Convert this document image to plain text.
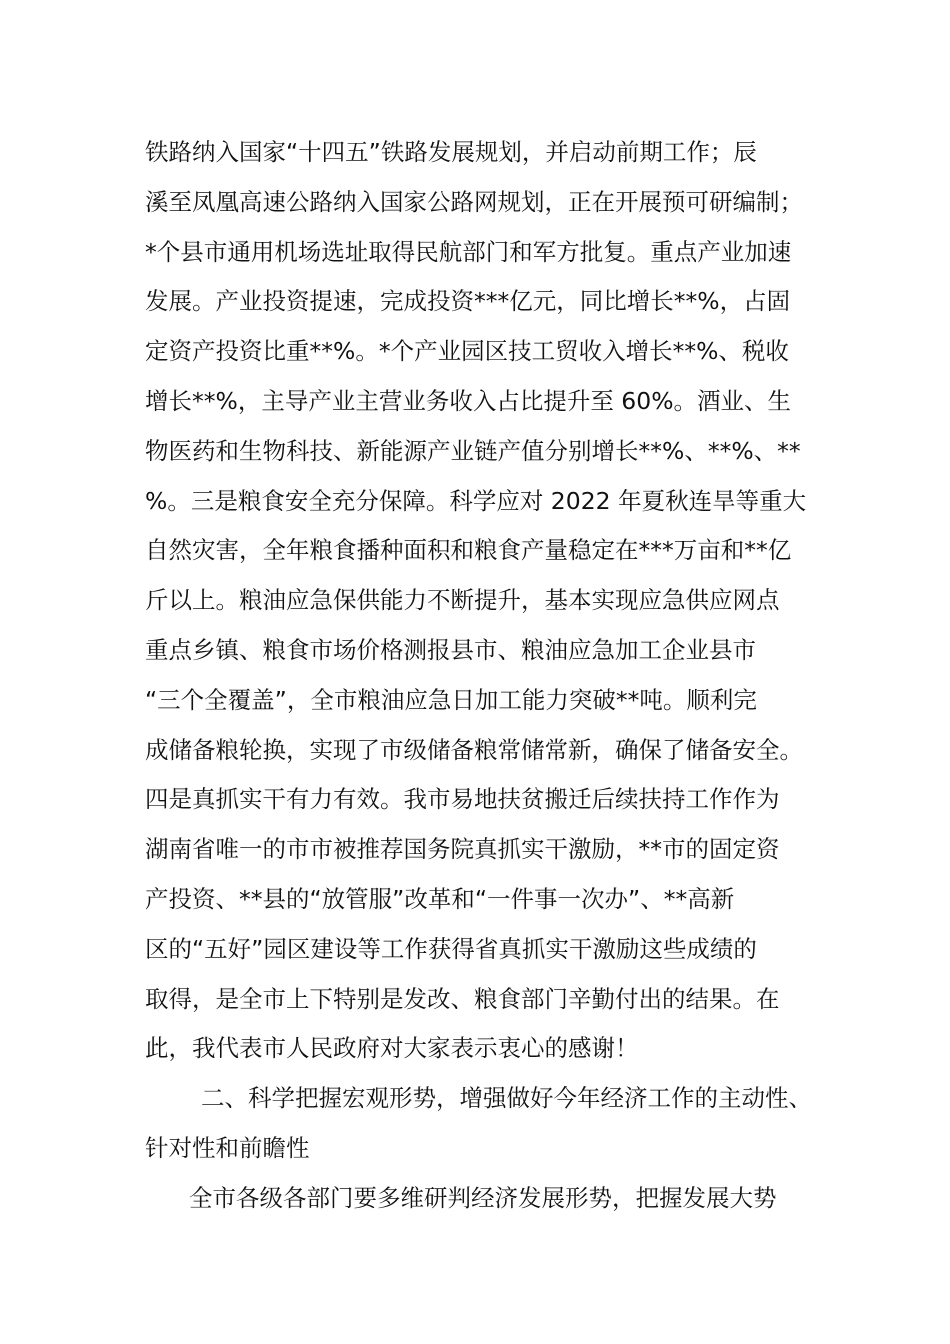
铁路纳入国家“十四五”铁路发展规划，并启动前期工作；辰
溪至凤凰高速公路纳入国家公路网规划，正在开展预可研编制；
*个县市通用机场选址取得民航部门和军方批复。重点产业加速
发展。产业投资提速，完成投资***亿元，同比增长**%，占固
定资产投资比重**%。*个产业园区技工贸收入增长**%、税收
增长**%，主导产业主营业务收入占比提升至 60%。酒业、生
物医药和生物科技、新能源产业链产值分别增长**%、**%、**
%。三是粮食安全充分保障。科学应对 2022 年夏秋连旱等重大
自然灾害，全年粮食播种面积和粮食产量稳定在***万亩和**亿
斤以上。粮油应急保供能力不断提升，基本实现应急供应网点
重点乡镇、粮食市场价格测报县市、粮油应急加工企业县市
“三个全覆盖”，全市粮油应急日加工能力突破**吨。顺利完
成储备粮轮换，实现了市级储备粮常储常新，确保了储备安全。
四是真抓实干有力有效。我市易地扶贫搬迁后续扶持工作作为
湖南省唯一的市市被推荐国务院真抓实干激励，**市的固定资
产投资、**县的“放管服”改革和“一件事一次办”、**高新
区的“五好”园区建设等工作获得省真抓实干激励这些成绩的
取得，是全市上下特别是发改、粮食部门辛勤付出的结果。在
此，我代表市人民政府对大家表示衷心的感谢！
二、科学把握宏观形势，增强做好今年经济工作的主动性、
针对性和前瞻性
全市各级各部门要多维研判经济发展形势，把握发展大势
